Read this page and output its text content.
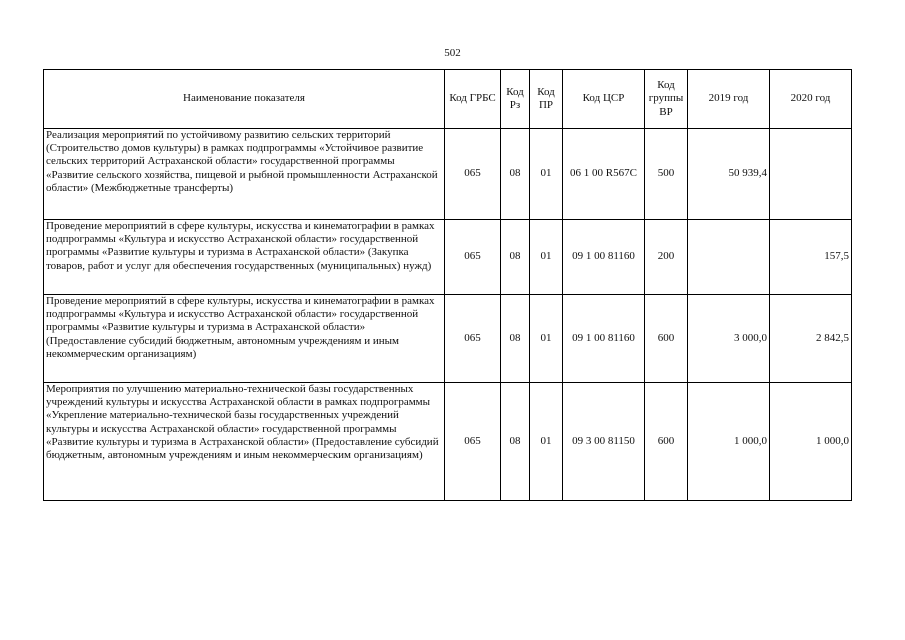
502
Наименование показателя	Код ГРБС	Код Рз	Код ПР	Код ЦСР	Код группы ВР	2019 год	2020 год
Реализация мероприятий по устойчивому развитию сельских территорий (Строительство домов культуры) в рамках подпрограммы «Устойчивое развитие сельских территорий Астраханской области» государственной программы «Развитие сельского хозяйства, пищевой и рыбной промышленности Астраханской области» (Межбюджетные трансферты)	065	08	01	06 1 00 R567C	500	50 939,4	
Проведение мероприятий в сфере культуры, искусства и кинематографии в рамках подпрограммы «Культура и искусство Астраханской области» государственной программы «Развитие культуры и туризма в Астраханской области» (Закупка товаров, работ и услуг для обеспечения государственных (муниципальных) нужд)	065	08	01	09 1 00 81160	200		157,5
Проведение мероприятий в сфере культуры, искусства и кинематографии в рамках подпрограммы «Культура и искусство Астраханской области» государственной программы «Развитие культуры и туризма в Астраханской области» (Предоставление субсидий бюджетным, автономным учреждениям и иным некоммерческим организациям)	065	08	01	09 1 00 81160	600	3 000,0	2 842,5
Мероприятия по улучшению материально-технической базы государственных учреждений культуры и искусства Астраханской области в рамках подпрограммы «Укрепление материально-технической базы государственных учреждений культуры и искусства Астраханской области» государственной программы «Развитие культуры и туризма в Астраханской области» (Предоставление субсидий бюджетным, автономным учреждениям и иным некоммерческим организациям)	065	08	01	09 3 00 81150	600	1 000,0	1 000,0
